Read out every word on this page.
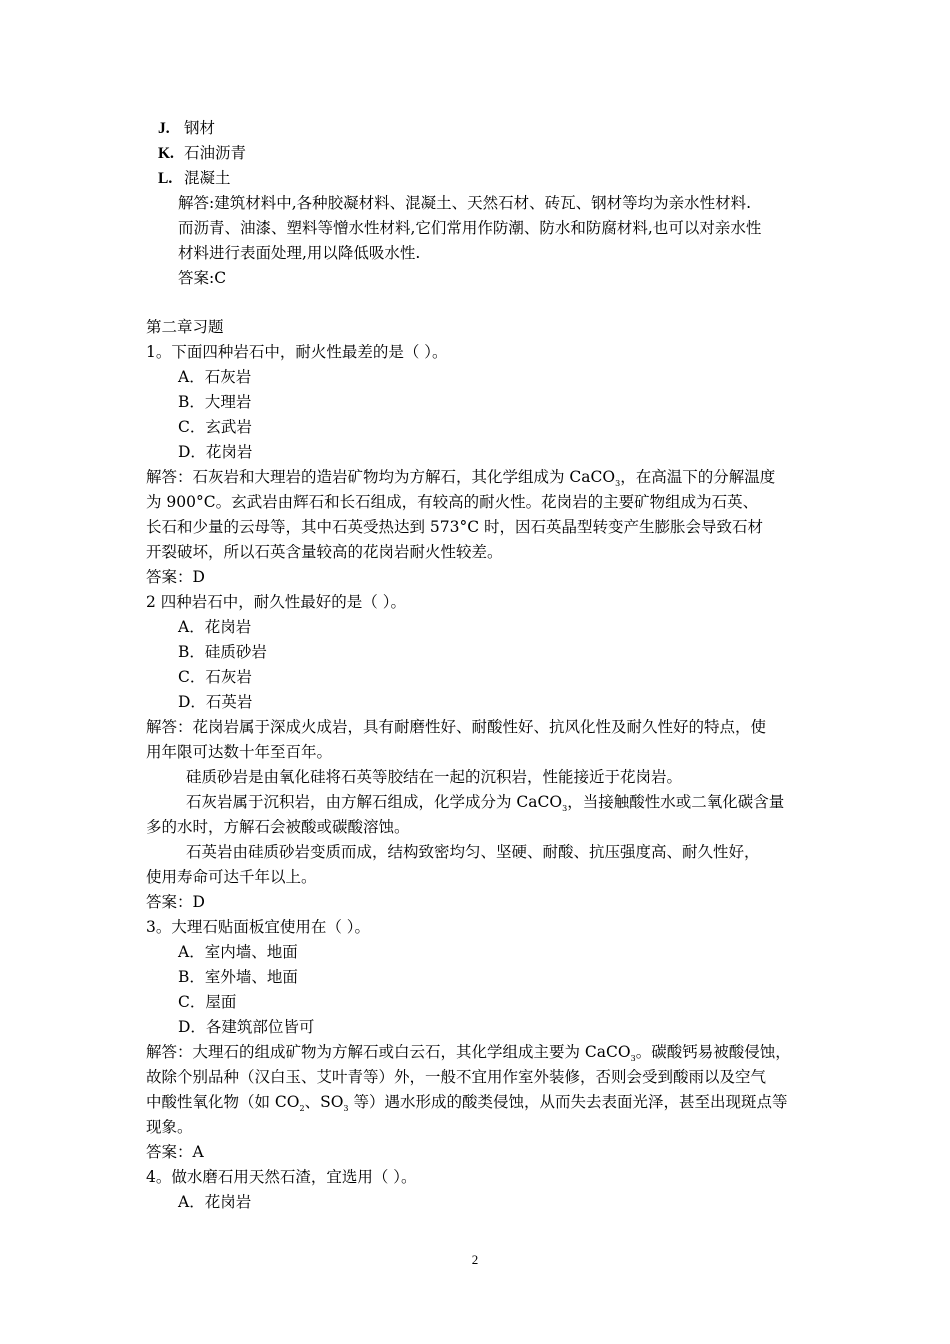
J. 钢材
K. 石油沥青
L. 混凝土
解答:建筑材料中,各种胶凝材料、混凝土、天然石材、砖瓦、钢材等均为亲水性材料.
而沥青、油漆、塑料等憎水性材料,它们常用作防潮、防水和防腐材料,也可以对亲水性
材料进行表面处理,用以降低吸水性.
答案:C
第二章习题
1。下面四种岩石中，耐火性最差的是（ ）。
A．石灰岩
B．大理岩
C．玄武岩
D．花岗岩
解答：石灰岩和大理岩的造岩矿物均为方解石，其化学组成为 CaCO$_3$，在高温下的分解温度
为 900°C。玄武岩由辉石和长石组成，有较高的耐火性。花岗岩的主要矿物组成为石英、
长石和少量的云母等，其中石英受热达到 573°C 时，因石英晶型转变产生膨胀会导致石材
开裂破坏，所以石英含量较高的花岗岩耐火性较差。
答案：D
2 四种岩石中，耐久性最好的是（ ）。
A．花岗岩
B．硅质砂岩
C．石灰岩
D．石英岩
解答：花岗岩属于深成火成岩，具有耐磨性好、耐酸性好、抗风化性及耐久性好的特点，使
用年限可达数十年至百年。
硅质砂岩是由氧化硅将石英等胶结在一起的沉积岩，性能接近于花岗岩。
石灰岩属于沉积岩，由方解石组成，化学成分为 CaCO$_3$，当接触酸性水或二氧化碳含量
多的水时，方解石会被酸或碳酸溶蚀。
石英岩由硅质砂岩变质而成，结构致密均匀、坚硬、耐酸、抗压强度高、耐久性好，
使用寿命可达千年以上。
答案：D
3。大理石贴面板宜使用在（ ）。
A．室内墙、地面
B．室外墙、地面
C．屋面
D．各建筑部位皆可
解答：大理石的组成矿物为方解石或白云石，其化学组成主要为 CaCO$_3$。碳酸钙易被酸侵蚀，
故除个别品种（汉白玉、艾叶青等）外，一般不宜用作室外装修，否则会受到酸雨以及空气
中酸性氧化物（如 $CO_2$、$SO_3$ 等）遇水形成的酸类侵蚀，从而失去表面光泽，甚至出现斑点等
现象。
答案：A
4。做水磨石用天然石渣，宜选用（ ）。
A．花岗岩
2
